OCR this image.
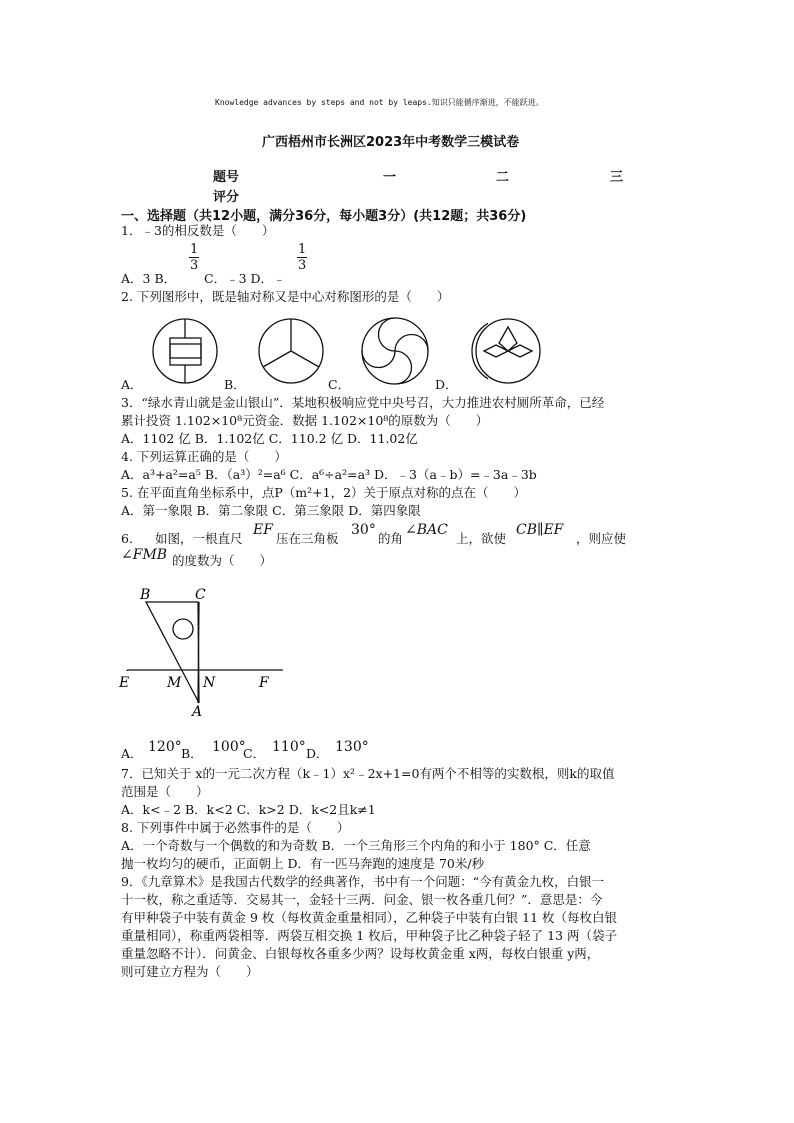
Knowledge advances by steps and not by leaps.知识只能循序渐进，不能跃进。
广西梧州市长洲区2023年中考数学三模试卷
题号	一	二	三
评分
一、选择题（共12小题，满分36分，每小题3分）(共12题；共36分)
1．﹣3的相反数是（　　）
A．3 B．
$\frac{1}{3}$
C．﹣3 D．﹣
$\frac{1}{3}$
2. 下列图形中，既是轴对称又是中心对称图形的是（　　）
A．	B．	C．	D．
3．“绿水青山就是金山银山”．某地积极响应党中央号召，大力推进农村厕所革命，已经
累计投资 1.102×10⁸元资金．数据 1.102×10⁸的原数为（　　）
A．1102 亿 B．1.102亿 C．110.2 亿 D．11.02亿
4. 下列运算正确的是（　　）
A．a³+a²=a⁵ B．（a³）²=a⁶ C．a⁶÷a²=a³ D．﹣3（a﹣b）=﹣3a﹣3b
5. 在平面直角坐标系中，点P（m²+1，2）关于原点对称的点在（　　）
A．第一象限 B．第二象限 C．第三象限 D．第四象限
6. 如图，一根直尺
EF
压在三角板
30°
的角
∠BAC
上，欲使
CB∥EF
，则应使
∠FMB 的度数为（　　）
B	C
E	M N	F
A
A． 120° B． 100°
C． 110° D． 130°
7．已知关于 x的一元二次方程（k﹣1）x²﹣2x+1=0有两个不相等的实数根，则k的取值
范围是（　　）
A．k<﹣2 B．k<2 C．k>2 D．k<2且k≠1
8. 下列事件中属于必然事件的是（　　）
A．一个奇数与一个偶数的和为奇数 B．一个三角形三个内角的和小于 180° C．任意
抛一枚均匀的硬币，正面朝上 D．有一匹马奔跑的速度是 70米/秒
9．《九章算术》是我国古代数学的经典著作，书中有一个问题：“今有黄金九枚，白银一
十一枚，称之重适等．交易其一，金轻十三两．问金、银一枚各重几何？”．意思是：今
有甲种袋子中装有黄金 9 枚（每枚黄金重量相同），乙种袋子中装有白银 11 枚（每枚白银
重量相同），称重两袋相等．两袋互相交换 1 枚后，甲种袋子比乙种袋子轻了 13 两（袋子
重量忽略不计）．问黄金、白银每枚各重多少两？设每枚黄金重 x两，每枚白银重 y两，
则可建立方程为（　　）
